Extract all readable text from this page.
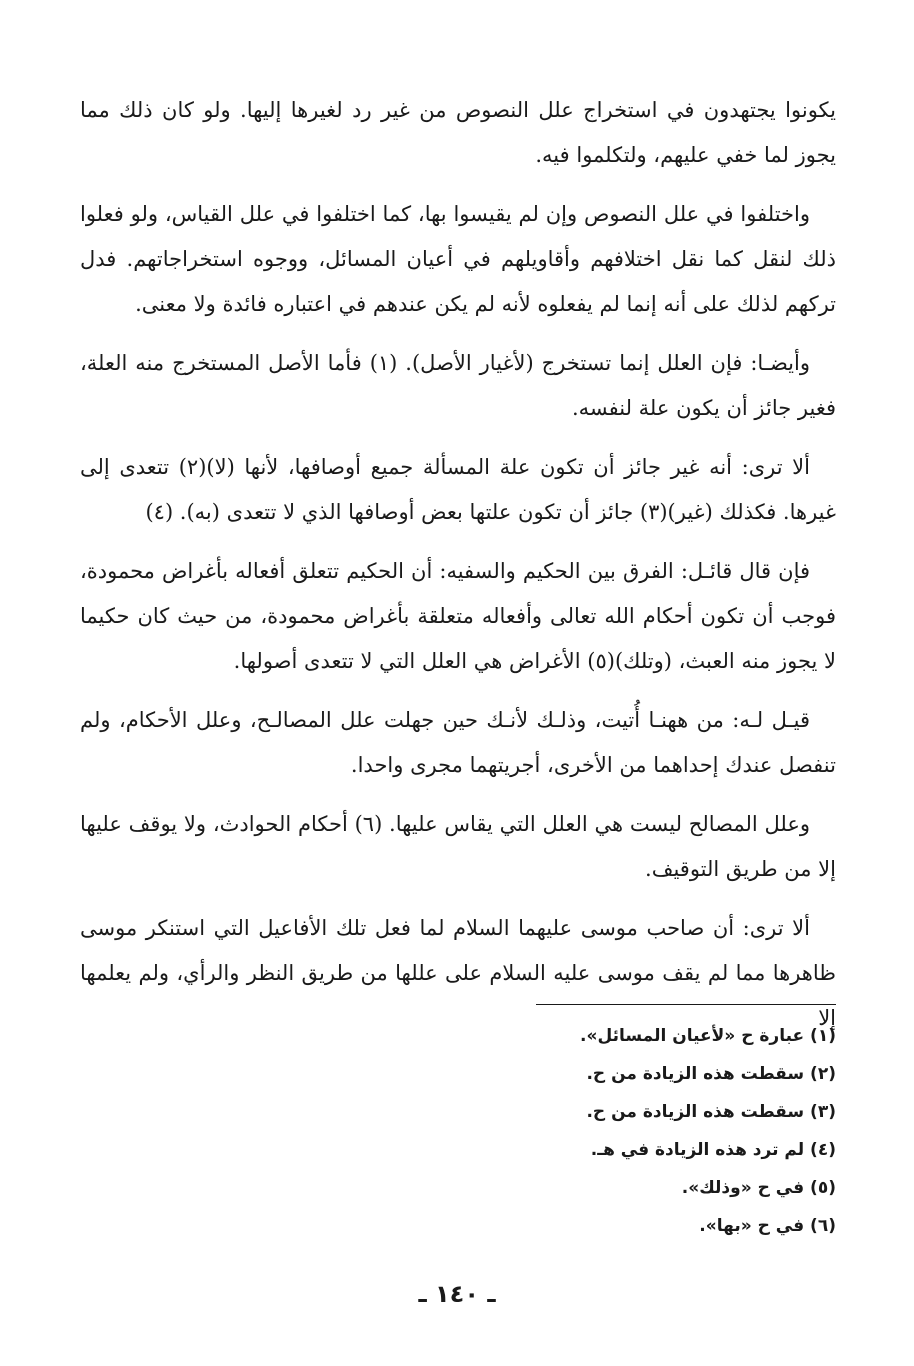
يكونوا يجتهدون في استخراج علل النصوص من غير رد لغيرها إليها. ولو كان ذلك مما يجوز لما خفي عليهم، ولتكلموا فيه.

واختلفوا في علل النصوص وإن لم يقيسوا بها، كما اختلفوا في علل القياس، ولو فعلوا ذلك لنقل كما نقل اختلافهم وأقاويلهم في أعيان المسائل، ووجوه استخراجاتهم. فدل تركهم لذلك على أنه إنما لم يفعلوه لأنه لم يكن عندهم في اعتباره فائدة ولا معنى.

وأيضـا: فإن العلل إنما تستخرج (لأغيار الأصل). (١) فأما الأصل المستخرج منه العلة، فغير جائز أن يكون علة لنفسه.

ألا ترى: أنه غير جائز أن تكون علة المسألة جميع أوصافها، لأنها (لا)(٢) تتعدى إلى غيرها. فكذلك (غير)(٣) جائز أن تكون علتها بعض أوصافها الذي لا تتعدى (به). (٤)

فإن قال قائـل: الفرق بين الحكيم والسفيه: أن الحكيم تتعلق أفعاله بأغراض محمودة، فوجب أن تكون أحكام الله تعالى وأفعاله متعلقة بأغراض محمودة، من حيث كان حكيما لا يجوز منه العبث، (وتلك)(٥) الأغراض هي العلل التي لا تتعدى أصولها.

قيـل لـه: من ههنـا أُتيت، وذلـك لأنـك حين جهلت علل المصالـح، وعلل الأحكام، ولم تنفصل عندك إحداهما من الأخرى، أجريتهما مجرى واحدا.

وعلل المصالح ليست هي العلل التي يقاس عليها. (٦) أحكام الحوادث، ولا يوقف عليها إلا من طريق التوقيف.

ألا ترى: أن صاحب موسى عليهما السلام لما فعل تلك الأفاعيل التي استنكر موسى ظاهرها مما لم يقف موسى عليه السلام على عللها من طريق النظر والرأي، ولم يعلمها إلا

(١) عبارة ح «لأعيان المسائل».

(٢) سقطت هذه الزيادة من ح.

(٣) سقطت هذه الزيادة من ح.

(٤) لم ترد هذه الزيادة في هـ.

(٥) في ح «وذلك».

(٦) في ح «بها».

ـ ١٤٠ ـ
